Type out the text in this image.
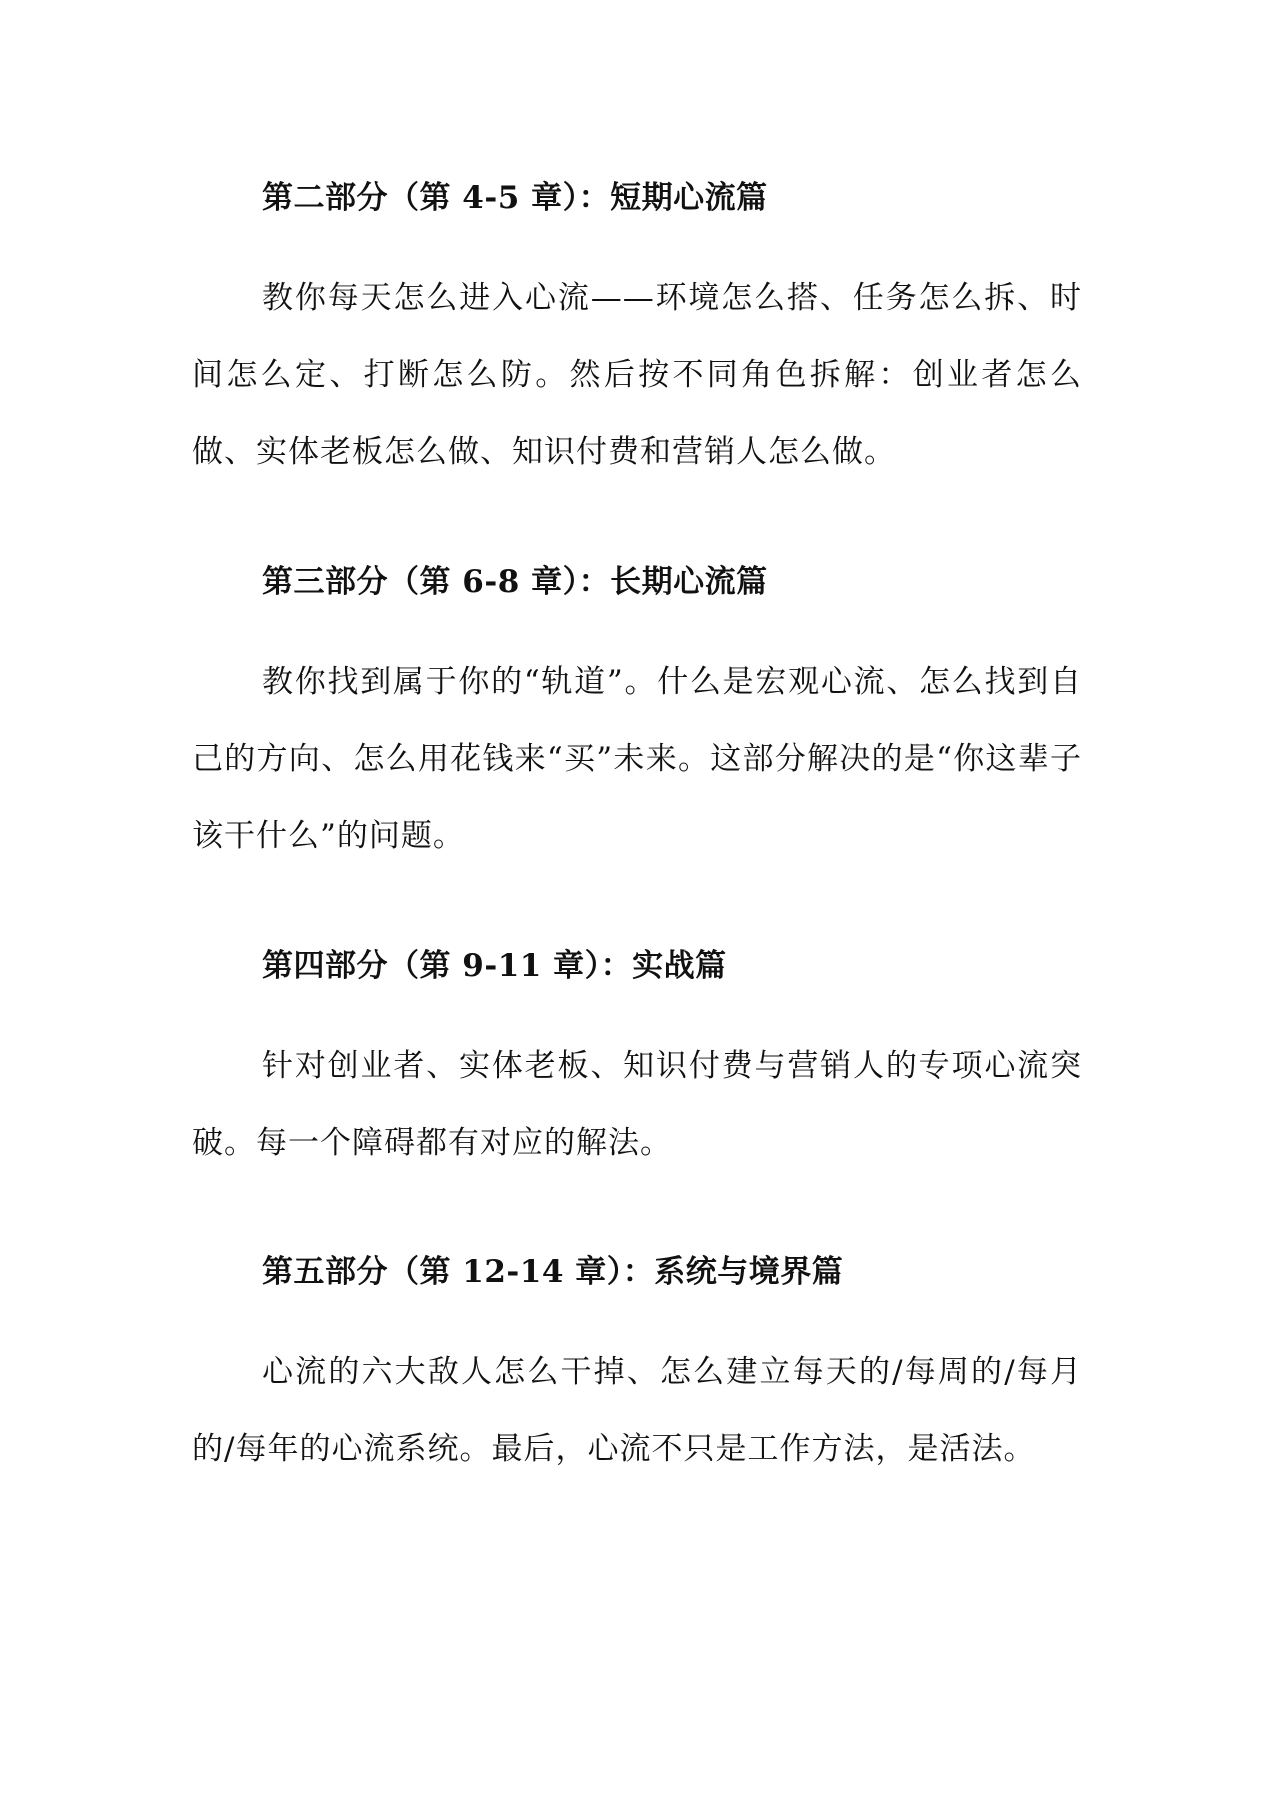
第二部分（第 4-5 章）：短期心流篇

教你每天怎么进入心流——环境怎么搭、任务怎么拆、时间怎么定、打断怎么防。然后按不同角色拆解：创业者怎么做、实体老板怎么做、知识付费和营销人怎么做。

第三部分（第 6-8 章）：长期心流篇

教你找到属于你的“轨道”。什么是宏观心流、怎么找到自己的方向、怎么用花钱来“买”未来。这部分解决的是“你这辈子该干什么”的问题。

第四部分（第 9-11 章）：实战篇

针对创业者、实体老板、知识付费与营销人的专项心流突破。每一个障碍都有对应的解法。

第五部分（第 12-14 章）：系统与境界篇

心流的六大敌人怎么干掉、怎么建立每天的/每周的/每月的/每年的心流系统。最后，心流不只是工作方法，是活法。
